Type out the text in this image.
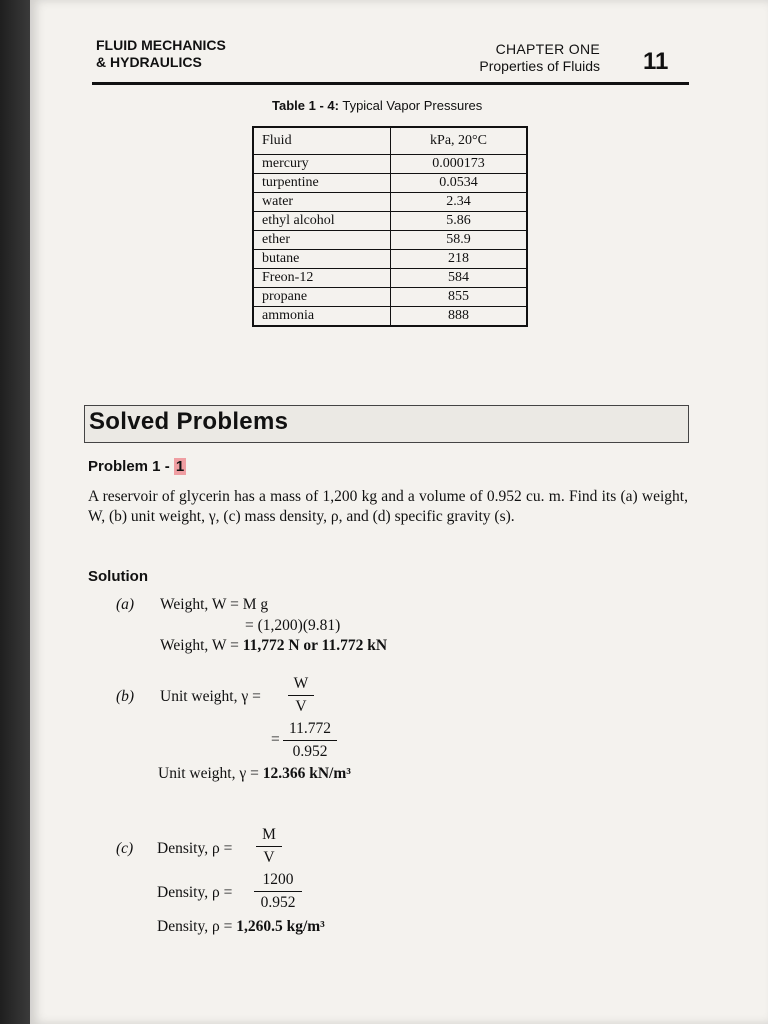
FLUID MECHANICS
& HYDRAULICS
CHAPTER ONE
Properties of Fluids 11
Table 1 - 4: Typical Vapor Pressures
Fluid	kPa, 20°C
mercury	0.000173
turpentine	0.0534
water	2.34
ethyl alcohol	5.86
ether	58.9
butane	218
Freon-12	584
propane	855
ammonia	888
Solved Problems
Problem 1 - 1
A reservoir of glycerin has a mass of 1,200 kg and a volume of 0.952 cu. m. Find its (a) weight, W, (b) unit weight, γ, (c) mass density, ρ, and (d) specific gravity (s).
Solution
(a) Weight, W = M g
= (1,200)(9.81)
Weight, W = 11,772 N or 11.772 kN
(b) Unit weight, γ =
W
V
=
11.772
0.952
Unit weight, γ = 12.366 kN/m³
(c) Density, ρ =
M
V
Density, ρ =
1200
0.952
Density, ρ = 1,260.5 kg/m³
